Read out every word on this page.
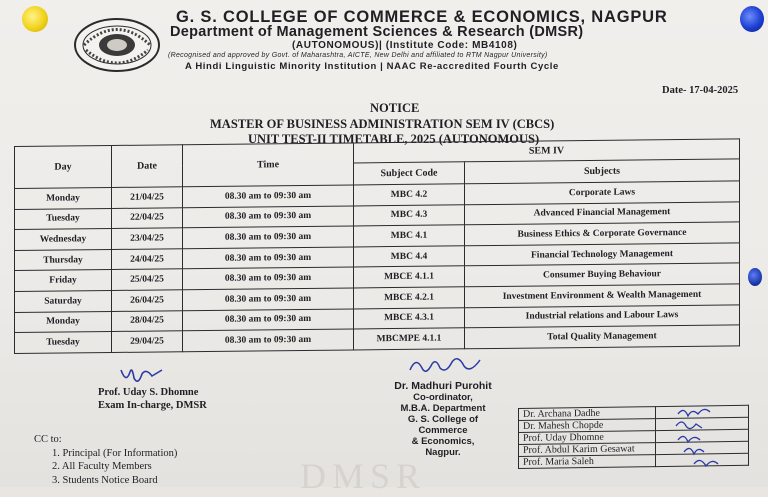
G. S. COLLEGE OF COMMERCE & ECONOMICS, NAGPUR
Department of Management Sciences & Research (DMSR)
(AUTONOMOUS)| (Institute Code: MB4108)
(Recognised and approved by Govt. of Maharashtra, AICTE, New Delhi and affiliated to RTM Nagpur University)
A Hindi Linguistic Minority Institution | NAAC Re-accredited Fourth Cycle
Date- 17-04-2025
NOTICE
MASTER OF BUSINESS ADMINISTRATION SEM IV (CBCS)
UNIT TEST-II TIMETABLE, 2025 (AUTONOMOUS)
Day	Date	Time	SEM IV	
			Subject Code	Subjects
Monday	21/04/25	08.30 am to 09:30 am	MBC 4.2	Corporate Laws
Tuesday	22/04/25	08.30 am to 09:30 am	MBC 4.3	Advanced Financial Management
Wednesday	23/04/25	08.30 am to 09:30 am	MBC 4.1	Business Ethics & Corporate Governance
Thursday	24/04/25	08.30 am to 09:30 am	MBC 4.4	Financial Technology Management
Friday	25/04/25	08.30 am to 09:30 am	MBCE 4.1.1	Consumer Buying Behaviour
Saturday	26/04/25	08.30 am to 09:30 am	MBCE 4.2.1	Investment Environment & Wealth Management
Monday	28/04/25	08.30 am to 09:30 am	MBCE 4.3.1	Industrial relations and Labour Laws
Tuesday	29/04/25	08.30 am to 09:30 am	MBCMPE 4.1.1	Total Quality Management
Prof. Uday S. Dhomne
Exam In-charge, DMSR
Dr. Madhuri Purohit
Co-ordinator,
M.B.A. Department
G. S. College of Commerce
& Economics, Nagpur.
CC to:
1. Principal (For Information)
2. All Faculty Members
3. Students Notice Board	DMSR
Dr. Archana Dadhe	
Dr. Mahesh Chopde	
Prof. Uday Dhomne	
Prof. Abdul Karim Gesawat	
Prof. Maria Saleh	
